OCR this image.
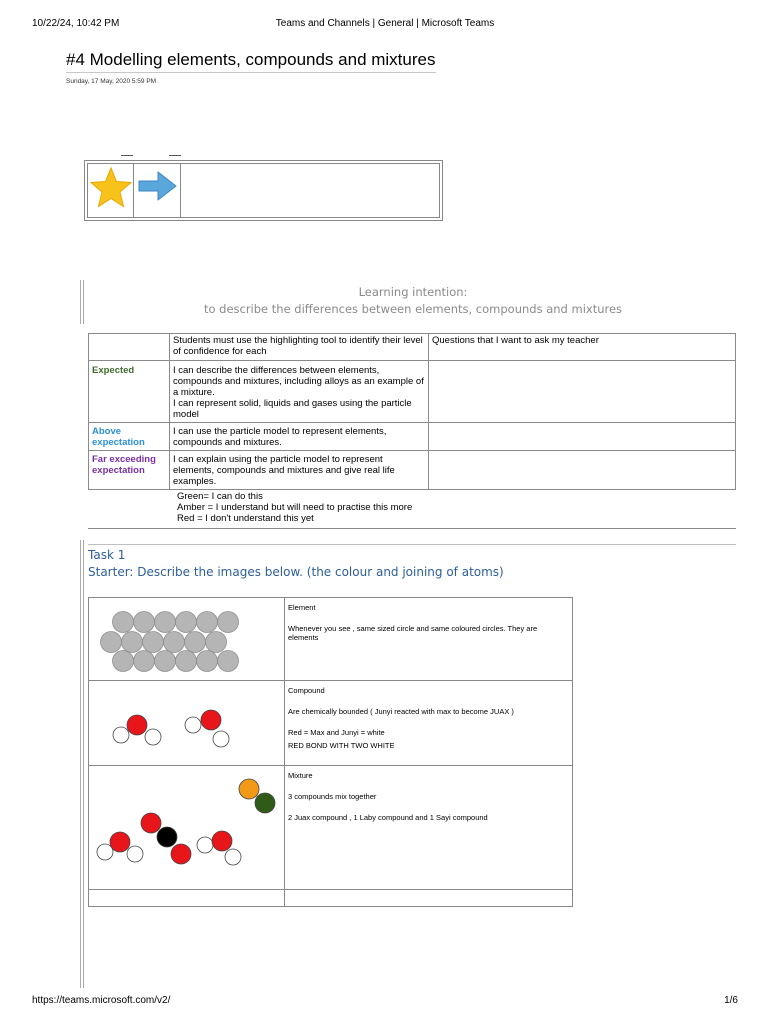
10/22/24, 10:42 PM	Teams and Channels | General | Microsoft Teams
#4 Modelling elements, compounds and mixtures
Sunday, 17 May, 2020 5:59 PM
Learning intention:
to describe the differences between elements, compounds and mixtures
	Students must use the highlighting tool to identify their level of confidence for each	Questions that I want to ask my teacher
Expected	I can describe the differences between elements, compounds and mixtures, including alloys as an example of a mixture.
I can represent solid, liquids and gases using the particle model	

Above expectation	I can use the particle model to represent elements, compounds and mixtures.	

Far exceeding expectation	I can explain using the particle model to represent elements, compounds and mixtures and give real life examples.	

Green= I can do this
Amber = I understand but will need to practise this more
Red = I don't understand this yet
Task 1
Starter: Describe the images below. (the colour and joining of atoms)

Element

Whenever you see , same sized circle and same coloured circles. They are elements

Compound

Are chemically bounded ( Junyi reacted with max to become JUAX )

Red = Max and Junyi = white

RED BOND WITH TWO WHITE

Mixture

3 compounds mix together

2 Juax compound , 1 Laby compound and 1 Sayi compound

https://teams.microsoft.com/v2/	1/6
